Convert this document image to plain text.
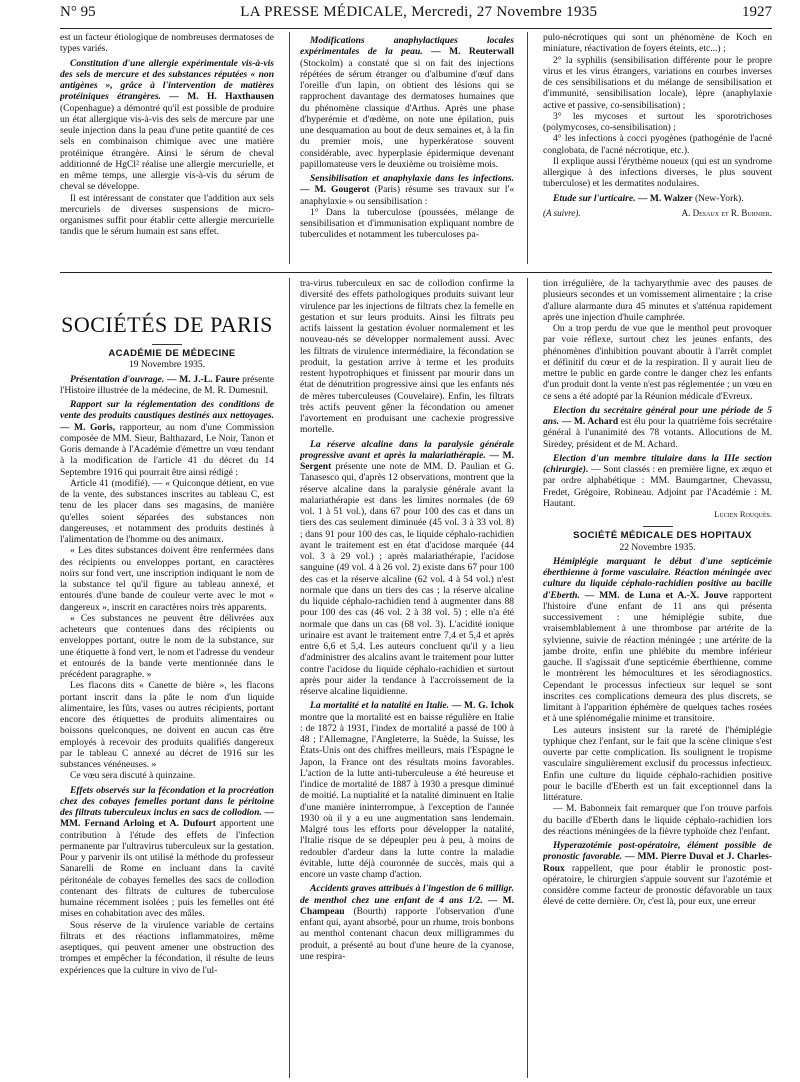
N° 95	LA PRESSE MÉDICALE, Mercredi, 27 Novembre 1935	1927

est un facteur étiologique de nombreuses dermatoses de types variés.

Constitution d'une allergie expérimentale vis-à-vis des sels de mercure et des substances réputées « non antigènes », grâce à l'intervention de matières protéiniques étrangères. — M. H. Haxthausen (Copenhague) a démontré qu'il est possible de produire un état allergique vis-à-vis des sels de mercure par une seule injection dans la peau d'une petite quantité de ces sels en combinaison chimique avec une matière protéinique étrangère. Ainsi le sérum de cheval additionné de HgCl² réalise une allergie mercurielle, et en même temps, une allergie vis-à-vis du sérum de cheval se développe.

Il est intéressant de constater que l'addition aux sels mercuriels de diverses suspensions de micro-organismes suffit pour établir cette allergie mercurielle tandis que le sérum humain est sans effet.

Modifications anaphylactiques locales expérimentales de la peau. — M. Reuterwall (Stockolm) a constaté que si on fait des injections répétées de sérum étranger ou d'albumine d'œuf dans l'oreille d'un lapin, on obtient des lésions qui se rapprochent davantage des dermatoses humaines que du phénomène classique d'Arthus. Après une phase d'hyperémie et d'œdème, on note une épilation, puis une desquamation au bout de deux semaines et, à la fin du premier mois, une hyperkératose souvent considérable, avec hyperplasie épidermique devenant papillomateuse vers le deuxième ou troisième mois.

Sensibilisation et anaphylaxie dans les infections. — M. Gougerot (Paris) résume ses travaux sur l'« anaphylaxie » ou sensibilisation :

1° Dans la tuberculose (poussées, mélange de sensibilisation et d'immunisation expliquant nombre de tuberculides et notamment les tuberculoses pa-

pulo-nécrotiques qui sont un phénomène de Koch en miniature, réactivation de foyers éteints, etc...) ;

2° la syphilis (sensibilisation différente pour le propre virus et les virus étrangers, variations en courbes inverses de ces sensibilisations et du mélange de sensibilisation et d'immunité, sensibilisation locale), lèpre (anaphylaxie active et passive, co-sensibilisation) ;

3° les mycoses et surtout les sporotrichoses (polymycoses, co-sensibilisation) ;

4° les infections à cocci pyogènes (pathogénie de l'acné conglobata, de l'acné nécrotique, etc.).

Il explique aussi l'érythème noueux (qui est un syndrome allergique à des infections diverses, le plus souvent tuberculose) et les dermatites nodulaires.

Etude sur l'urticaire. — M. Walzer (New-York).

(A suivre).	A. Desaux et R. Burnier.
SOCIÉTÉS DE PARIS

ACADÉMIE DE MÉDECINE

19 Novembre 1935.

Présentation d'ouvrage. — M. J.-L. Faure présente l'Histoire illustrée de la médecine, de M. R. Dumesnil.

Rapport sur la réglementation des conditions de vente des produits caustiques destinés aux nettoyages. — M. Goris, rapporteur, au nom d'une Commission composée de MM. Sieur, Balthazard, Le Noir, Tanon et Goris demande à l'Académie d'émettre un vœu tendant à la modification de l'article 41 du décret du 14 Septembre 1916 qui pourrait être ainsi rédigé :

Article 41 (modifié). — « Quiconque détient, en vue de la vente, des substances inscrites au tableau C, est tenu de les placer dans ses magasins, de manière qu'elles soient séparées des substances non dangereuses, et notamment des produits destinés à l'alimentation de l'homme ou des animaux.

« Les dites substances doivent être renfermées dans des récipients ou enveloppes portant, en caractères noirs sur fond vert, une inscription indiquant le nom de la substance tel qu'il figure au tableau annexé, et entourés d'une bande de couleur verte avec le mot « dangereux », inscrit en caractères noirs très apparents.

« Ces substances ne peuvent être délivrées aux acheteurs que contenues dans des récipients ou enveloppes portant, outre le nom de la substance, sur une étiquette à fond vert, le nom et l'adresse du vendeur et entourés de la bande verte mentionnée dans le précédent paragraphe. »

Les flacons dits « Canette de bière », les flacons portant inscrit dans la pâte le nom d'un liquide alimentaire, les fûts, vases ou autres récipients, portant encore des étiquettes de produits alimentaires ou boissons quelconques, ne doivent en aucun cas être employés à recevoir des produits qualifiés dangereux par le tableau C annexé au décret de 1916 sur les substances vénéneuses. »

Ce vœu sera discuté à quinzaine.

Effets observés sur la fécondation et la procréation chez des cobayes femelles portant dans le péritoine des filtrats tuberculeux inclus en sacs de collodion. — MM. Fernand Arloing et A. Dufourt apportent une contribution à l'étude des effets de l'infection permanente par l'ultravirus tuberculeux sur la gestation. Pour y parvenir ils ont utilisé la méthode du professeur Sanarelli de Rome en incluant dans la cavité péritonéale de cobayes femelles des sacs de collodion contenant des filtrats de cultures de tuberculose humaine récemment isolées ; puis les femelles ont été mises en cohabitation avec des mâles.

Sous réserve de la virulence variable de certains filtrats et des réactions inflammatoires, même aseptiques, qui peuvent amener une obstruction des trompes et empêcher la fécondation, il résulte de leurs expériences que la culture in vivo de l'ul-

tra-virus tuberculeux en sac de collodion confirme la diversité des effets pathologiques produits suivant leur virulence par les injections de filtrats chez la femelle en gestation et sur leurs produits. Ainsi les filtrats peu actifs laissent la gestation évoluer normalement et les nouveau-nés se développer normalement aussi. Avec les filtrats de virulence intermédiaire, la fécondation se produit, la gestation arrive à terme et les produits restent hypotrophiques et finissent par mourir dans un état de dénutrition progressive ainsi que les enfants nés de mères tuberculeuses (Couvelaire). Enfin, les filtrats très actifs peuvent gêner la fécondation ou amener l'avortement en produisant une cachexie progressive mortelle.

La réserve alcaline dans la paralysie générale progressive avant et après la malariathérapie. — M. Sergent présente une note de MM. D. Paulian et G. Tanasesco qui, d'après 12 observations, montrent que la réserve alcaline dans la paralysie générale avant la malariathérapie est dans les limites normales (de 69 vol. 1 à 51 vol.), dans 67 pour 100 des cas et dans un tiers des cas seulement diminuée (45 vol. 3 à 33 vol. 8) ; dans 91 pour 100 des cas, le liquide céphalo-rachidien avant le traitement est en état d'acidose marquée (44 vol. 3 à 29 vol.) ; après malariathérapie, l'acidose sanguine (49 vol. 4 à 26 vol. 2) existe dans 67 pour 100 des cas et la réserve alcaline (62 vol. 4 à 54 vol.) n'est normale que dans un tiers des cas ; la réserve alcaline du liquide céphalo-rachidien tend à augmenter dans 88 pour 100 des cas (46 vol. 2 à 38 vol. 5) ; elle n'a été normale que dans un cas (68 vol. 3). L'acidité ionique urinaire est avant le traitement entre 7,4 et 5,4 et après entre 6,6 et 5,4. Les auteurs concluent qu'il y a lieu d'administrer des alcalins avant le traitement pour lutter contre l'acidose du liquide céphalo-rachidien et surtout après pour aider la tendance à l'accroissement de la réserve alcaline liquidienne.

La mortalité et la natalité en Italie. — M. G. Ichok montre que la mortalité est en baisse régulière en Italie : de 1872 à 1931, l'index de mortalité a passé de 100 à 48 ; l'Allemagne, l'Angleterre, la Suède, la Suisse, les États-Unis ont des chiffres meilleurs, mais l'Espagne le Japon, la France ont des résultats moins favorables. L'action de la lutte anti-tuberculeuse a été heureuse et l'indice de mortalité de 1887 à 1930 a presque diminué de moitié. La nuptialité et la natalité diminuent en Italie d'une manière ininterrompue, à l'exception de l'année 1930 où il y a eu une augmentation sans lendemain. Malgré tous les efforts pour développer la natalité, l'Italie risque de se dépeupler peu à peu, à moins de redoubler d'ardeur dans la lutte contre la maladie évitable, lutte déjà couronnée de succès, mais qui a encore un vaste champ d'action.

Accidents graves attribués à l'ingestion de 6 milligr. de menthol chez une enfant de 4 ans 1/2. — M. Champeau (Bourth) rapporte l'observation d'une enfant qui, ayant absorbé, pour un rhume, trois bonbons au menthol contenant chacun deux milligrammes du produit, a présenté au bout d'une heure de la cyanose, une respira-

tion irrégulière, de la tachyarythmie avec des pauses de plusieurs secondes et un vomissement alimentaire ; la crise d'allure alarmante dura 45 minutes et s'atténua rapidement après une injection d'huile camphrée.

On a trop perdu de vue que le menthol peut provoquer par voie réflexe, surtout chez les jeunes enfants, des phénomènes d'inhibition pouvant aboutir à l'arrêt complet et définitif du cœur et de la respiration. Il y aurait lieu de mettre le public en garde contre le danger chez les enfants d'un produit dont la vente n'est pas réglementée ; un vœu en ce sens a été adopté par la Réunion médicale d'Evreux.

Election du secrétaire général pour une période de 5 ans. — M. Achard est élu pour la quatrième fois secrétaire général à l'unanimité des 78 votants. Allocutions de M. Siredey, président et de M. Achard.

Election d'un membre titulaire dans la IIIe section (chirurgie). — Sont classés : en première ligne, ex æquo et par ordre alphabétique : MM. Baumgartner, Chevassu, Fredet, Grégoire, Robineau. Adjoint par l'Académie : M. Hautant.

Lucien Rouquès.

SOCIÉTÉ MÉDICALE DES HOPITAUX

22 Novembre 1935.

Hémiplégie marquant le début d'une septicémie éberthienne à forme vasculaire. Réaction méningée avec culture du liquide céphalo-rachidien positive au bacille d'Eberth. — MM. de Luna et A.-X. Jouve rapportent l'histoire d'une enfant de 11 ans qui présenta successivement : une hémiplégie subite, due vraisemblablement à une thrombose par artérite de la sylvienne, suivie de réaction méningée ; une artérite de la jambe droite, enfin une phlébite du membre inférieur gauche. Il s'agissait d'une septicémie éberthienne, comme le montrèrent les hémocultures et les sérodiagnostics. Cependant le processus infectieux sur lequel se sont inscrites ces complications demeura des plus discrets, se limitant à l'apparition éphémère de quelques taches rosées et à une splénomégalie minime et transitoire.

Les auteurs insistent sur la rareté de l'hémiplégie typhique chez l'enfant, sur le fait que la scène clinique s'est ouverte par cette complication. Ils soulignent le tropisme vasculaire singulièrement exclusif du processus infectieux. Enfin une culture du liquide céphalo-rachidien positive pour le bacille d'Eberth est un fait exceptionnel dans la littérature.

— M. Babonneix fait remarquer que l'on trouve parfois du bacille d'Eberth dans le liquide céphalo-rachidien lors des réactions méningées de la fièvre typhoïde chez l'enfant.

Hyperazotémie post-opératoire, élément possible de pronostic favorable. — MM. Pierre Duval et J. Charles-Roux rappellent, que pour établir le pronostic post-opératoire, le chirurgien s'appuie souvent sur l'azotémie et considère comme facteur de pronostic défavorable un taux élevé de cette dernière. Or, c'est là, pour eux, une erreur
